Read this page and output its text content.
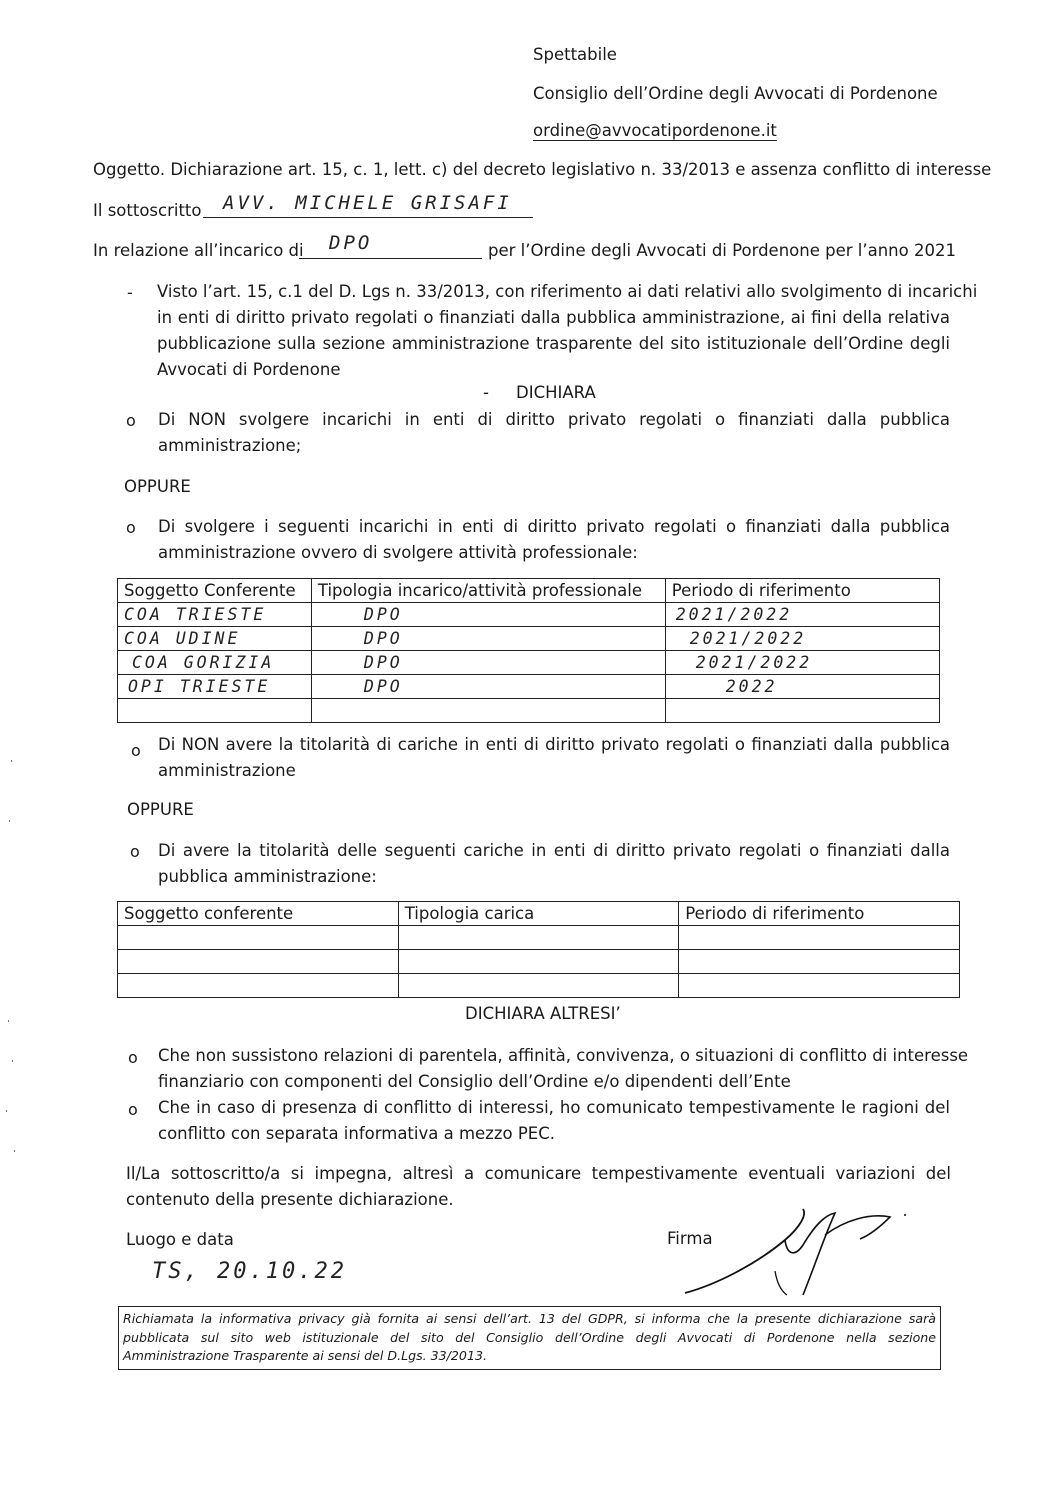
Spettabile
Consiglio dell’Ordine degli Avvocati di Pordenone
ordine@avvocatipordenone.it
Oggetto. Dichiarazione art. 15, c. 1, lett. c) del decreto legislativo n. 33/2013 e assenza conflitto di interesse
Il sottoscritto AVV. MICHELE GRISAFI
In relazione all’incarico di DPO	per l’Ordine degli Avvocati di Pordenone per l’anno 2021
- Visto l’art. 15, c.1 del D. Lgs n. 33/2013, con riferimento ai dati relativi allo svolgimento di incarichi
in enti di diritto privato regolati o finanziati dalla pubblica amministrazione, ai fini della relativa
pubblicazione sulla sezione amministrazione trasparente del sito istituzionale dell’Ordine degli
Avvocati di Pordenone
- DICHIARA
o Di NON svolgere incarichi in enti di diritto privato regolati o finanziati dalla pubblica
amministrazione;
OPPURE
o Di svolgere i seguenti incarichi in enti di diritto privato regolati o finanziati dalla pubblica
amministrazione ovvero di svolgere attività professionale:
Soggetto Conferente	Tipologia incarico/attività professionale	Periodo di riferimento
COA TRIESTE	DPO	2021/2022
COA UDINE	DPO	2021/2022
COA GORIZIA	DPO	2021/2022
OPI TRIESTE	DPO	2022

o Di NON avere la titolarità di cariche in enti di diritto privato regolati o finanziati dalla pubblica
amministrazione
OPPURE
o Di avere la titolarità delle seguenti cariche in enti di diritto privato regolati o finanziati dalla
pubblica amministrazione:
Soggetto conferente	Tipologia carica	Periodo di riferimento

DICHIARA ALTRESI’
o Che non sussistono relazioni di parentela, affinità, convivenza, o situazioni di conflitto di interesse
finanziario con componenti del Consiglio dell’Ordine e/o dipendenti dell’Ente
o Che in caso di presenza di conflitto di interessi, ho comunicato tempestivamente le ragioni del
conflitto con separata informativa a mezzo PEC.
Il/La sottoscritto/a si impegna, altresì a comunicare tempestivamente eventuali variazioni del
contenuto della presente dichiarazione.
Luogo e data
TS, 20.10.22
Firma
Richiamata la informativa privacy già fornita ai sensi dell’art. 13 del GDPR, si informa che la presente dichiarazione sarà
pubblicata sul sito web istituzionale del sito del Consiglio dell’Ordine degli Avvocati di Pordenone nella sezione
Amministrazione Trasparente ai sensi del D.Lgs. 33/2013.
